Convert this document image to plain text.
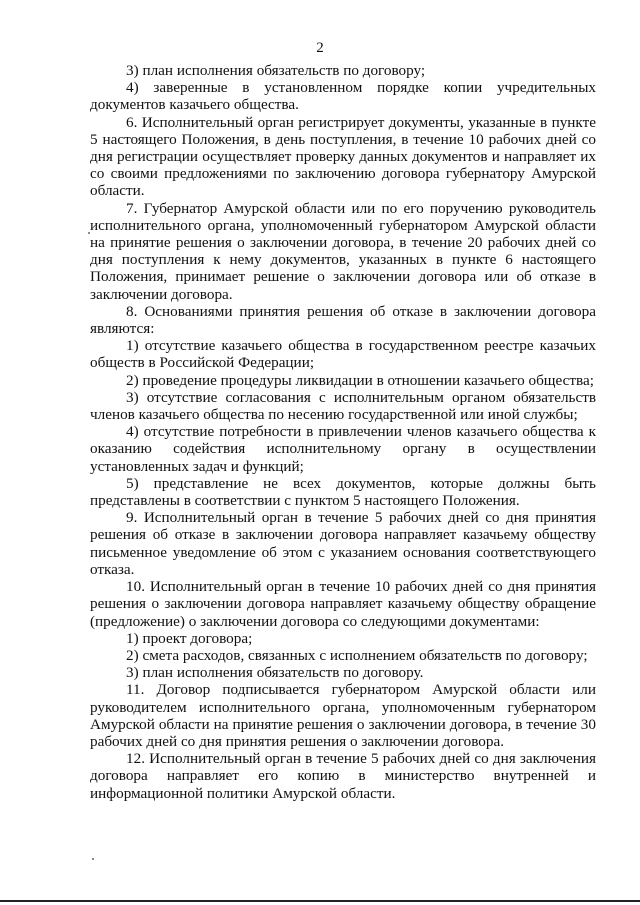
2

3) план исполнения обязательств по договору;

4) заверенные в установленном порядке копии учредительных документов казачьего общества.

6. Исполнительный орган регистрирует документы, указанные в пункте 5 настоящего Положения, в день поступления, в течение 10 рабочих дней со дня регистрации осуществляет проверку данных документов и направляет их со своими предложениями по заключению договора губернатору Амурской области.

7. Губернатор Амурской области или по его поручению руководитель исполнительного органа, уполномоченный губернатором Амурской области на принятие решения о заключении договора, в течение 20 рабочих дней со дня поступления к нему документов, указанных в пункте 6 настоящего Положения, принимает решение о заключении договора или об отказе в заключении договора.

8. Основаниями принятия решения об отказе в заключении договора являются:

1) отсутствие казачьего общества в государственном реестре казачьих обществ в Российской Федерации;

2) проведение процедуры ликвидации в отношении казачьего общества;

3) отсутствие согласования с исполнительным органом обязательств членов казачьего общества по несению государственной или иной службы;

4) отсутствие потребности в привлечении членов казачьего общества к оказанию содействия исполнительному органу в осуществлении установленных задач и функций;

5) представление не всех документов, которые должны быть представлены в соответствии с пунктом 5 настоящего Положения.

9. Исполнительный орган в течение 5 рабочих дней со дня принятия решения об отказе в заключении договора направляет казачьему обществу письменное уведомление об этом с указанием основания соответствующего отказа.

10. Исполнительный орган в течение 10 рабочих дней со дня принятия решения о заключении договора направляет казачьему обществу обращение (предложение) о заключении договора со следующими документами:

1) проект договора;

2) смета расходов, связанных с исполнением обязательств по договору;

3) план исполнения обязательств по договору.

11. Договор подписывается губернатором Амурской области или руководителем исполнительного органа, уполномоченным губернатором Амурской области на принятие решения о заключении договора, в течение 30 рабочих дней со дня принятия решения о заключении договора.

12. Исполнительный орган в течение 5 рабочих дней со дня заключения договора направляет его копию в министерство внутренней и информационной политики Амурской области.
